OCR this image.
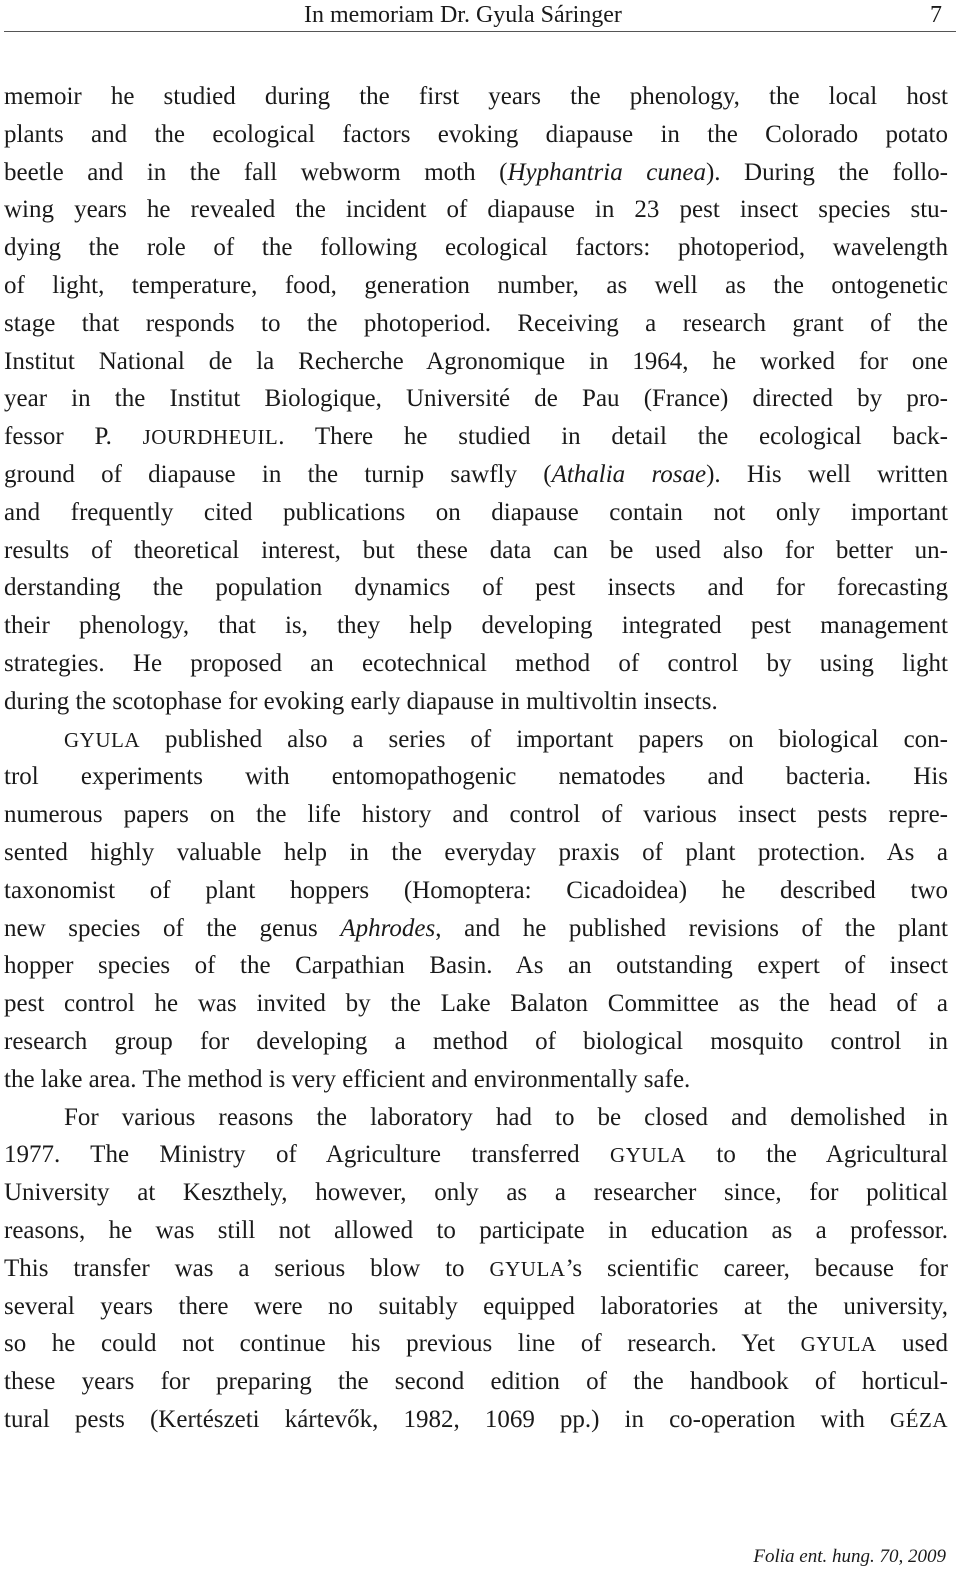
In memoriam Dr. Gyula Sáringer	7
memoir he studied during the first years the phenology, the local host
plants and the ecological factors evoking diapause in the Colorado potato
beetle and in the fall webworm moth (Hyphantria cunea). During the follo-
wing years he revealed the incident of diapause in 23 pest insect species stu-
dying the role of the following ecological factors: photoperiod, wavelength
of light, temperature, food, generation number, as well as the ontogenetic
stage that responds to the photoperiod. Receiving a research grant of the
Institut National de la Recherche Agronomique in 1964, he worked for one
year in the Institut Biologique, Université de Pau (France) directed by pro-
fessor P. JOURDHEUIL. There he studied in detail the ecological back-
ground of diapause in the turnip sawfly (Athalia rosae). His well written
and frequently cited publications on diapause contain not only important
results of theoretical interest, but these data can be used also for better un-
derstanding the population dynamics of pest insects and for forecasting
their phenology, that is, they help developing integrated pest management
strategies. He proposed an ecotechnical method of control by using light
during the scotophase for evoking early diapause in multivoltin insects.
GYULA published also a series of important papers on biological con-
trol experiments with entomopathogenic nematodes and bacteria. His
numerous papers on the life history and control of various insect pests repre-
sented highly valuable help in the everyday praxis of plant protection. As a
taxonomist of plant hoppers (Homoptera: Cicadoidea) he described two
new species of the genus Aphrodes, and he published revisions of the plant
hopper species of the Carpathian Basin. As an outstanding expert of insect
pest control he was invited by the Lake Balaton Committee as the head of a
research group for developing a method of biological mosquito control in
the lake area. The method is very efficient and environmentally safe.
For various reasons the laboratory had to be closed and demolished in
1977. The Ministry of Agriculture transferred GYULA to the Agricultural
University at Keszthely, however, only as a researcher since, for political
reasons, he was still not allowed to participate in education as a professor.
This transfer was a serious blow to GYULA’s scientific career, because for
several years there were no suitably equipped laboratories at the university,
so he could not continue his previous line of research. Yet GYULA used
these years for preparing the second edition of the handbook of horticul-
tural pests (Kertészeti kártevők, 1982, 1069 pp.) in co-operation with GÉZA
Folia ent. hung. 70, 2009
